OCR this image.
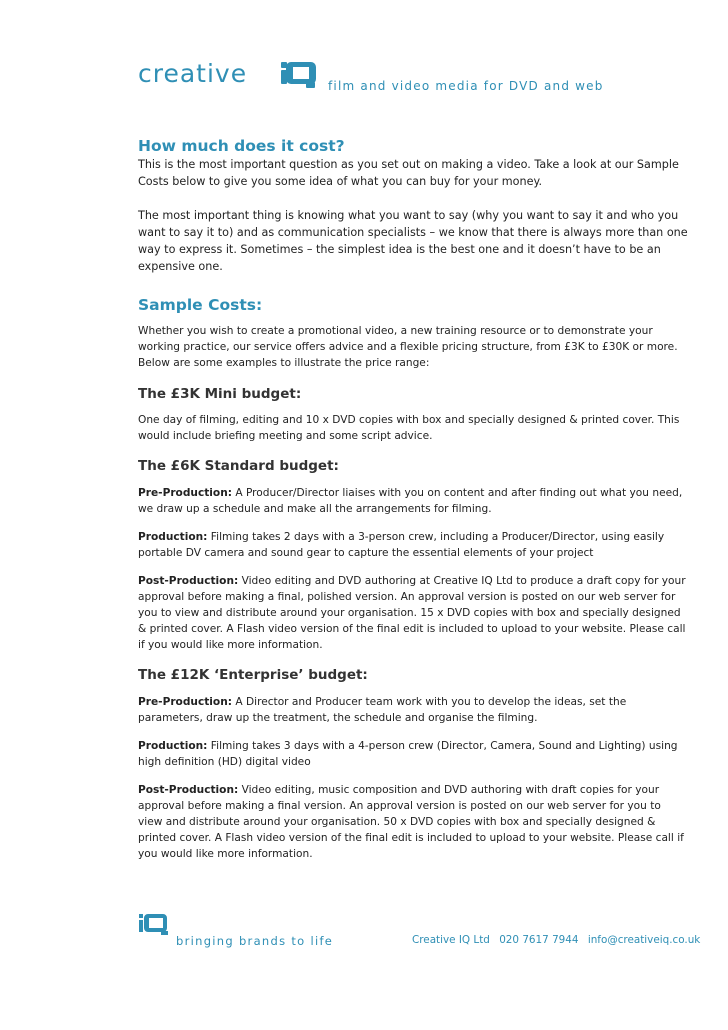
creative	film and video media for DVD and web
How much does it cost?

This is the most important question as you set out on making a video. Take a look at our Sample Costs below to give you some idea of what you can buy for your money.

The most important thing is knowing what you want to say (why you want to say it and who you want to say it to) and as communication specialists – we know that there is always more than one way to express it. Sometimes – the simplest idea is the best one and it doesn’t have to be an expensive one.

Sample Costs:

Whether you wish to create a promotional video, a new training resource or to demonstrate your working practice, our service offers advice and a flexible pricing structure, from £3K to £30K or more. Below are some examples to illustrate the price range:

The £3K Mini budget:

One day of filming, editing and 10 x DVD copies with box and specially designed & printed cover. This would include briefing meeting and some script advice.

The £6K Standard budget:

Pre-Production: A Producer/Director liaises with you on content and after finding out what you need, we draw up a schedule and make all the arrangements for filming.

Production: Filming takes 2 days with a 3-person crew, including a Producer/Director, using easily portable DV camera and sound gear to capture the essential elements of your project

Post-Production: Video editing and DVD authoring at Creative IQ Ltd to produce a draft copy for your approval before making a final, polished version. An approval version is posted on our web server for you to view and distribute around your organisation. 15 x DVD copies with box and specially designed & printed cover. A Flash video version of the final edit is included to upload to your website. Please call if you would like more information.

The £12K ‘Enterprise’ budget:

Pre-Production: A Director and Producer team work with you to develop the ideas, set the parameters, draw up the treatment, the schedule and organise the filming.

Production: Filming takes 3 days with a 4-person crew (Director, Camera, Sound and Lighting) using high definition (HD) digital video

Post-Production: Video editing, music composition and DVD authoring with draft copies for your approval before making a final version. An approval version is posted on our web server for you to view and distribute around your organisation. 50 x DVD copies with box and specially designed & printed cover. A Flash video version of the final edit is included to upload to your website. Please call if you would like more information.

bringing brands to life	Creative IQ Ltd 020 7617 7944 info@creativeiq.co.uk
